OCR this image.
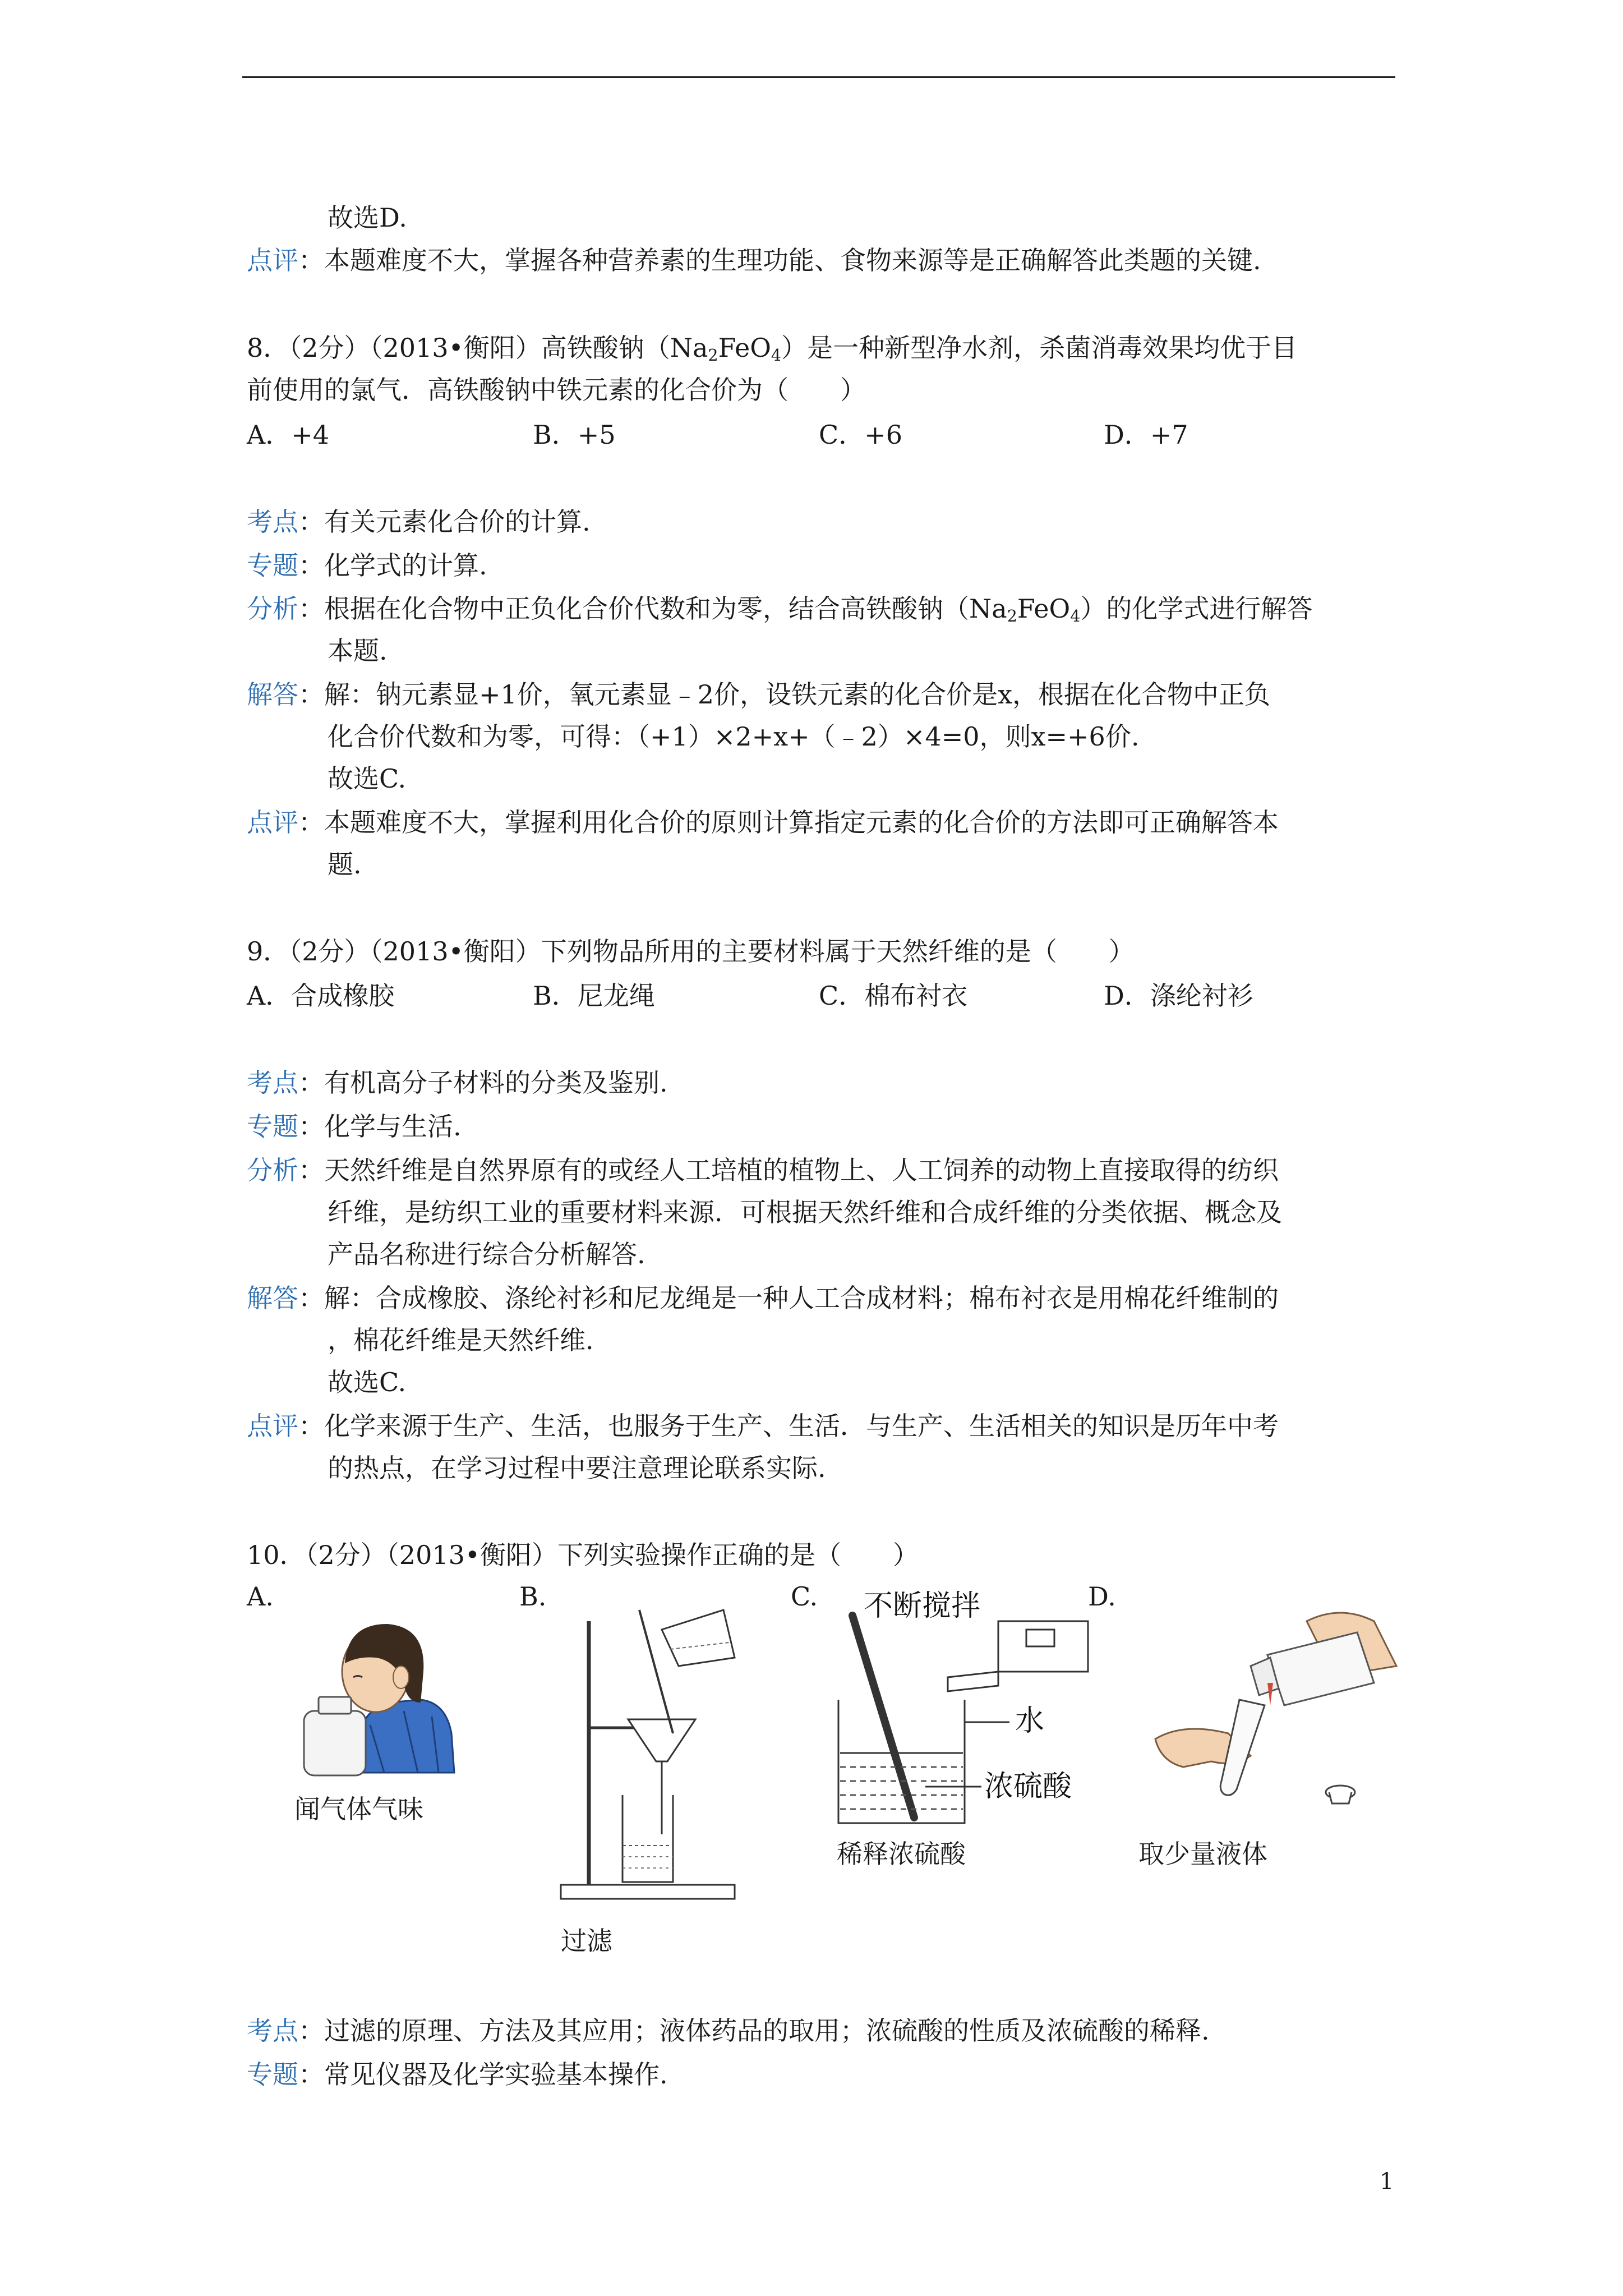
故选D.
点评：本题难度不大，掌握各种营养素的生理功能、食物来源等是正确解答此类题的关键.
8．（2分）（2013•衡阳）高铁酸钠$(Na_2FeO_4)$是一种新型净水剂，杀菌消毒效果均优于目
前使用的氯气．高铁酸钠中铁元素的化合价为（　　）
A．+4	B．+5	C．+6	D．+7
考点：有关元素化合价的计算.
专题：化学式的计算.
分析：根据在化合物中正负化合价代数和为零，结合高铁酸钠$(Na_2FeO_4)$的化学式进行解答
本题.
解答：解：钠元素显+1价，氧元素显﹣2价，设铁元素的化合价是x，根据在化合物中正负
化合价代数和为零，可得：（+1）×2+x+（﹣2）×4=0，则x=+6价.
故选C.
点评：本题难度不大，掌握利用化合价的原则计算指定元素的化合价的方法即可正确解答本
题.
9．（2分）（2013•衡阳）下列物品所用的主要材料属于天然纤维的是（　　）
A．合成橡胶	B．尼龙绳	C．棉布衬衣	D．涤纶衬衫
考点：有机高分子材料的分类及鉴别.
专题：化学与生活.
分析：天然纤维是自然界原有的或经人工培植的植物上、人工饲养的动物上直接取得的纺织
纤维，是纺织工业的重要材料来源．可根据天然纤维和合成纤维的分类依据、概念及
产品名称进行综合分析解答.
解答：解：合成橡胶、涤纶衬衫和尼龙绳是一种人工合成材料；棉布衬衣是用棉花纤维制的
，棉花纤维是天然纤维.
故选C.
点评：化学来源于生产、生活，也服务于生产、生活．与生产、生活相关的知识是历年中考
的热点，在学习过程中要注意理论联系实际.
10．（2分）（2013•衡阳）下列实验操作正确的是（　　）
A.	B.	C.	D.
闻气体气味
过滤
不断搅拌
水
浓硫酸
稀释浓硫酸	取少量液体
考点：过滤的原理、方法及其应用；液体药品的取用；浓硫酸的性质及浓硫酸的稀释.
专题：常见仪器及化学实验基本操作.
1
